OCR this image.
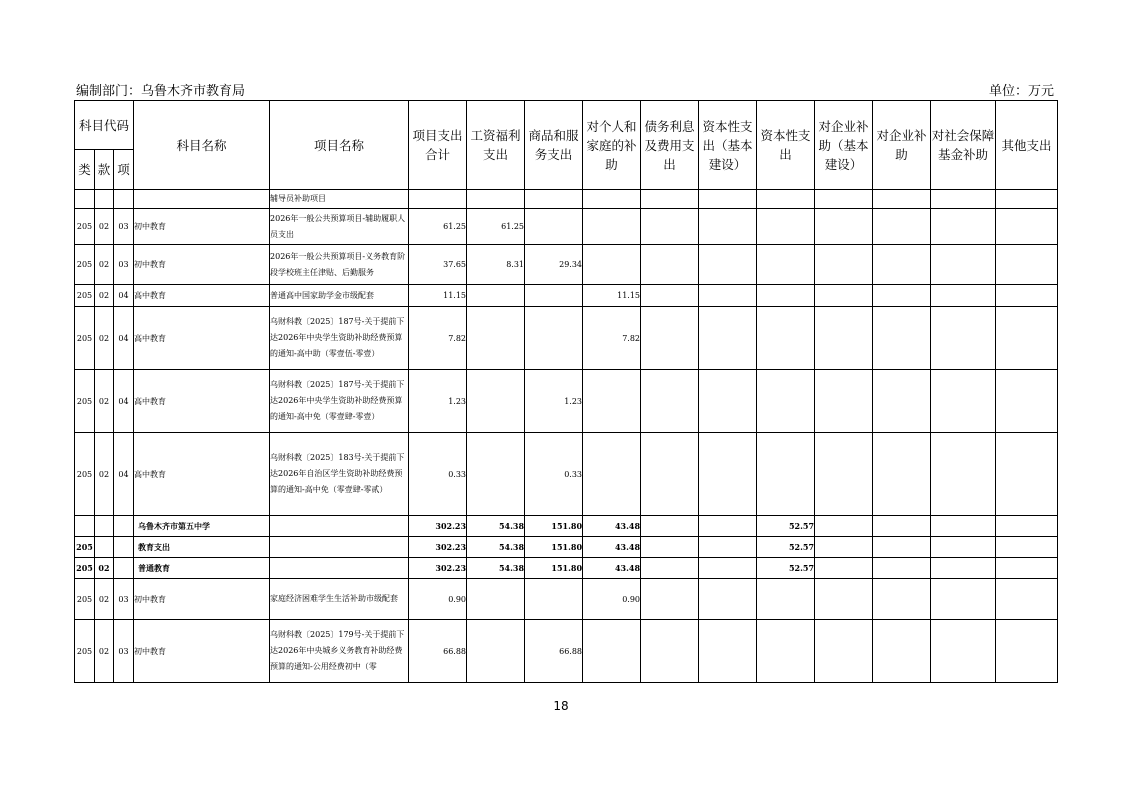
编制部门：乌鲁木齐市教育局	单位：万元
科目代码			科目名称	项目名称	项目支出合计	工资福利支出	商品和服务支出	对个人和家庭的补助	债务利息及费用支出	资本性支出（基本建设）	资本性支出	对企业补助（基本建设）	对企业补助	对社会保障基金补助	其他支出
类	款	项													
				辅导员补助项目											
205	02	03	初中教育	2026年一般公共预算项目-辅助履职人员支出	61.25	61.25									
205	02	03	初中教育	2026年一般公共预算项目-义务教育阶段学校班主任津贴、后勤服务	37.65	8.31	29.34								
205	02	04	高中教育	普通高中国家助学金市级配套	11.15			11.15							
205	02	04	高中教育	乌财科教〔2025〕187号-关于提前下达2026年中央学生资助补助经费预算的通知-高中助（零壹伍-零壹）	7.82			7.82							
205	02	04	高中教育	乌财科教〔2025〕187号-关于提前下达2026年中央学生资助补助经费预算的通知-高中免（零壹肆-零壹）	1.23		1.23								
205	02	04	高中教育	乌财科教〔2025〕183号-关于提前下达2026年自治区学生资助补助经费预算的通知-高中免（零壹肆-零贰）	0.33		0.33								
			乌鲁木齐市第五中学		302.23	54.38	151.80	43.48			52.57				
205			教育支出		302.23	54.38	151.80	43.48			52.57				
205	02		普通教育		302.23	54.38	151.80	43.48			52.57				
205	02	03	初中教育	家庭经济困难学生生活补助市级配套	0.90			0.90							
205	02	03	初中教育	乌财科教〔2025〕179号-关于提前下达2026年中央城乡义务教育补助经费预算的通知-公用经费初中（零	66.88		66.88								
18
